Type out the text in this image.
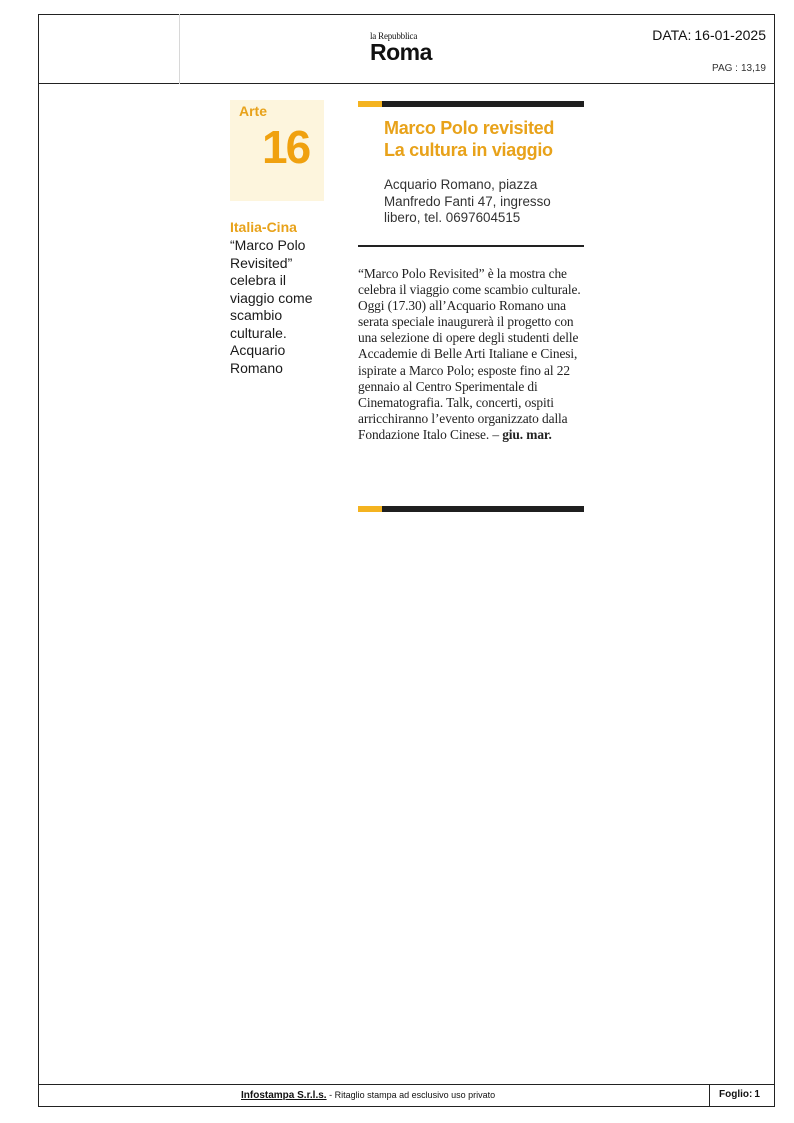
la Repubblica
Roma
DATA: 16-01-2025
PAG : 13,19
Arte
16
Italia-Cina
“Marco Polo Revisited” celebra il viaggio come scambio culturale. Acquario Romano
Marco Polo revisited
La cultura in viaggio
Acquario Romano, piazza Manfredo Fanti 47, ingresso libero, tel. 0697604515
“Marco Polo Revisited” è la mostra che celebra il viaggio come scambio culturale. Oggi (17.30) all’Acquario Romano una serata speciale inaugurerà il progetto con una selezione di opere degli studenti delle Accademie di Belle Arti Italiane e Cinesi, ispirate a Marco Polo; esposte fino al 22 gennaio al Centro Sperimentale di Cinematografia. Talk, concerti, ospiti arricchiranno l’evento organizzato dalla Fondazione Italo Cinese. – giu. mar.
Infostampa S.r.l.s. - Ritaglio stampa ad esclusivo uso privato	Foglio: 1
